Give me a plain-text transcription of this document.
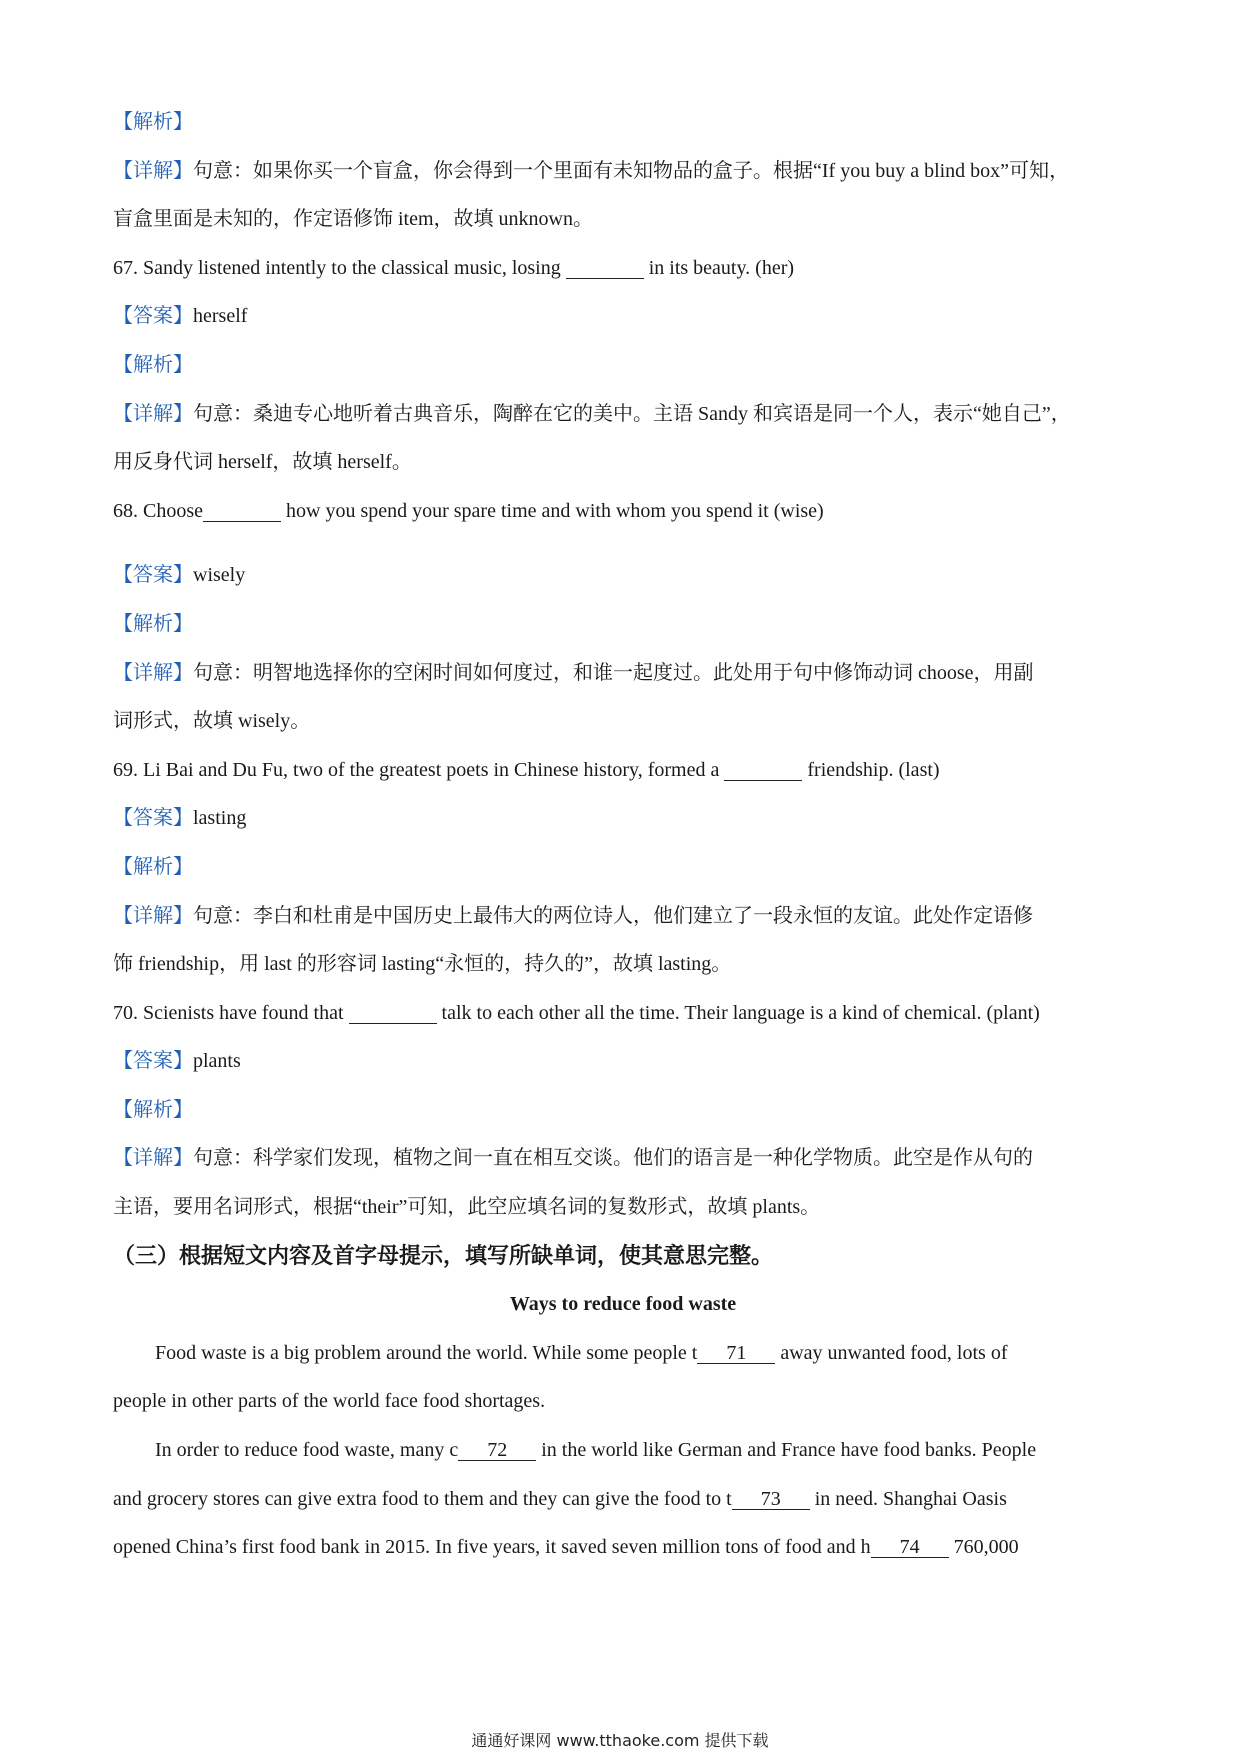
【解析】
【详解】句意：如果你买一个盲盒，你会得到一个里面有未知物品的盒子。根据“If you buy a blind box”可知，
盲盒里面是未知的，作定语修饰 item，故填 unknown。
67. Sandy listened intently to the classical music, losing	in its beauty. (her)
【答案】herself
【解析】
【详解】句意：桑迪专心地听着古典音乐，陶醉在它的美中。主语 Sandy 和宾语是同一个人，表示“她自己”，
用反身代词 herself，故填 herself。
68. Choose	how you spend your spare time and with whom you spend it (wise)
【答案】wisely
【解析】
【详解】句意：明智地选择你的空闲时间如何度过，和谁一起度过。此处用于句中修饰动词 choose，用副
词形式，故填 wisely。
69. Li Bai and Du Fu, two of the greatest poets in Chinese history, formed a	friendship. (last)
【答案】lasting
【解析】
【详解】句意：李白和杜甫是中国历史上最伟大的两位诗人，他们建立了一段永恒的友谊。此处作定语修
饰 friendship，用 last 的形容词 lasting“永恒的，持久的”，故填 lasting。
70. Scienists have found that	talk to each other all the time. Their language is a kind of chemical. (plant)
【答案】plants
【解析】
【详解】句意：科学家们发现，植物之间一直在相互交谈。他们的语言是一种化学物质。此空是作从句的
主语，要用名词形式，根据“their”可知，此空应填名词的复数形式，故填 plants。
（三）根据短文内容及首字母提示，填写所缺单词，使其意思完整。
Ways to reduce food waste
Food waste is a big problem around the world. While some people t 71 away unwanted food, lots of
people in other parts of the world face food shortages.
In order to reduce food waste, many c 72 in the world like German and France have food banks. People
and grocery stores can give extra food to them and they can give the food to t 73 in need. Shanghai Oasis
opened China’s first food bank in 2015. In five years, it saved seven million tons of food and h 74 760,000
通通好课网 www.tthaoke.com 提供下载
